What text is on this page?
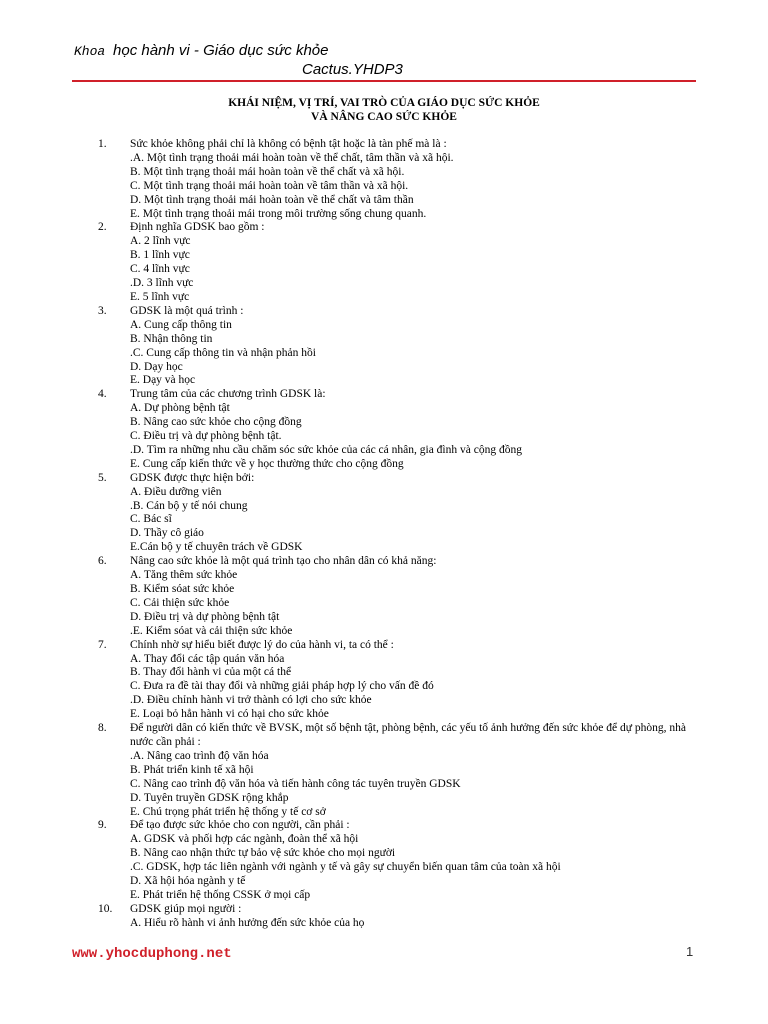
Khoa học hành vi - Giáo dục sức khỏe
Cactus.YHDP3
KHÁI NIỆM, VỊ TRÍ, VAI TRÒ CỦA GIÁO DỤC SỨC KHỎE
VÀ NÂNG CAO SỨC KHỎE
1.	Sức khỏe không phải chỉ là không có bệnh tật hoặc là tàn phế mà là :
.A. Một tình trạng thoải mái hoàn toàn về thể chất, tâm thần và xã hội.
B. Một tình trạng thoải mái hoàn toàn về thể chất và xã hội.
C. Một tình trạng thoải mái hoàn toàn về tâm thần và xã hội.
D. Một tình trạng thoải mái hoàn toàn về thể chất và tâm thần
E. Một tình trạng thoải mái trong môi trường sống chung quanh.
2.	Định nghĩa GDSK bao gồm :
A. 2 lĩnh vực
B. 1 lĩnh vực
C. 4 lĩnh vực
.D. 3 lĩnh vực
E. 5 lĩnh vực
3.	GDSK là một quá trình :
A. Cung cấp thông tin
B. Nhận thông tin
.C. Cung cấp thông tin và nhận phản hồi
D. Dạy học
E. Dạy và học
4.	Trung tâm của các chương trình GDSK là:
A. Dự phòng bệnh tật
B. Nâng cao sức khỏe cho cộng đồng
C. Điều trị và dự phòng bệnh tật.
.D. Tìm ra những nhu cầu chăm sóc sức khỏe của các cá nhân, gia đình và cộng đồng
E. Cung cấp kiến thức về y học thường thức cho cộng đồng
5.	GDSK được thực hiện bởi:
A. Điều dưỡng viên
.B. Cán bộ y tế nói chung
C. Bác sĩ
D. Thầy cô giáo
E.Cán bộ y tế chuyên trách về GDSK
6.	Nâng cao sức khỏe là một quá trình tạo cho nhân dân có khả năng:
A. Tăng thêm sức khỏe
B. Kiểm sóat sức khỏe
C. Cải thiện sức khỏe
D. Điều trị và dự phòng bệnh tật
.E. Kiểm sóat và cải thiện sức khỏe
7.	Chính nhờ sự hiểu biết được lý do của hành vi, ta có thể :
A. Thay đổi các tập quán văn hóa
B. Thay đổi hành vi của một cá thể
C. Đưa ra đề tài thay đổi và những giải pháp hợp lý cho vấn đề đó
.D. Điều chỉnh hành vi trở thành có lợi cho sức khỏe
E. Loại bỏ hẳn hành vi có hại cho sức khỏe
8.	Để người dân có kiến thức về BVSK, một số bệnh tật, phòng bệnh, các yếu tố ảnh hưởng đến sức khỏe để dự phòng, nhà nước cần phải :
.A. Nâng cao trình độ văn hóa
B. Phát triển kinh tế xã hội
C. Nâng cao trình độ văn hóa và tiến hành công tác tuyên truyền GDSK
D. Tuyên truyền GDSK rộng khắp
E. Chú trọng phát triển hệ thống y tế cơ sở
9.	Để tạo được sức khỏe cho con người, cần phải :
A. GDSK và phối hợp các ngành, đoàn thể xã hội
B. Nâng cao nhận thức tự bảo vệ sức khỏe cho mọi người
.C. GDSK, hợp tác liên ngành với ngành y tế và gây sự chuyển biến quan tâm của toàn xã hội
D. Xã hội hóa ngành y tế
E. Phát triển hệ thống CSSK ở mọi cấp
10.	GDSK giúp mọi người :
A. Hiểu rõ hành vi ảnh hưởng đến sức khỏe của họ
www.yhocduphong.net	1
